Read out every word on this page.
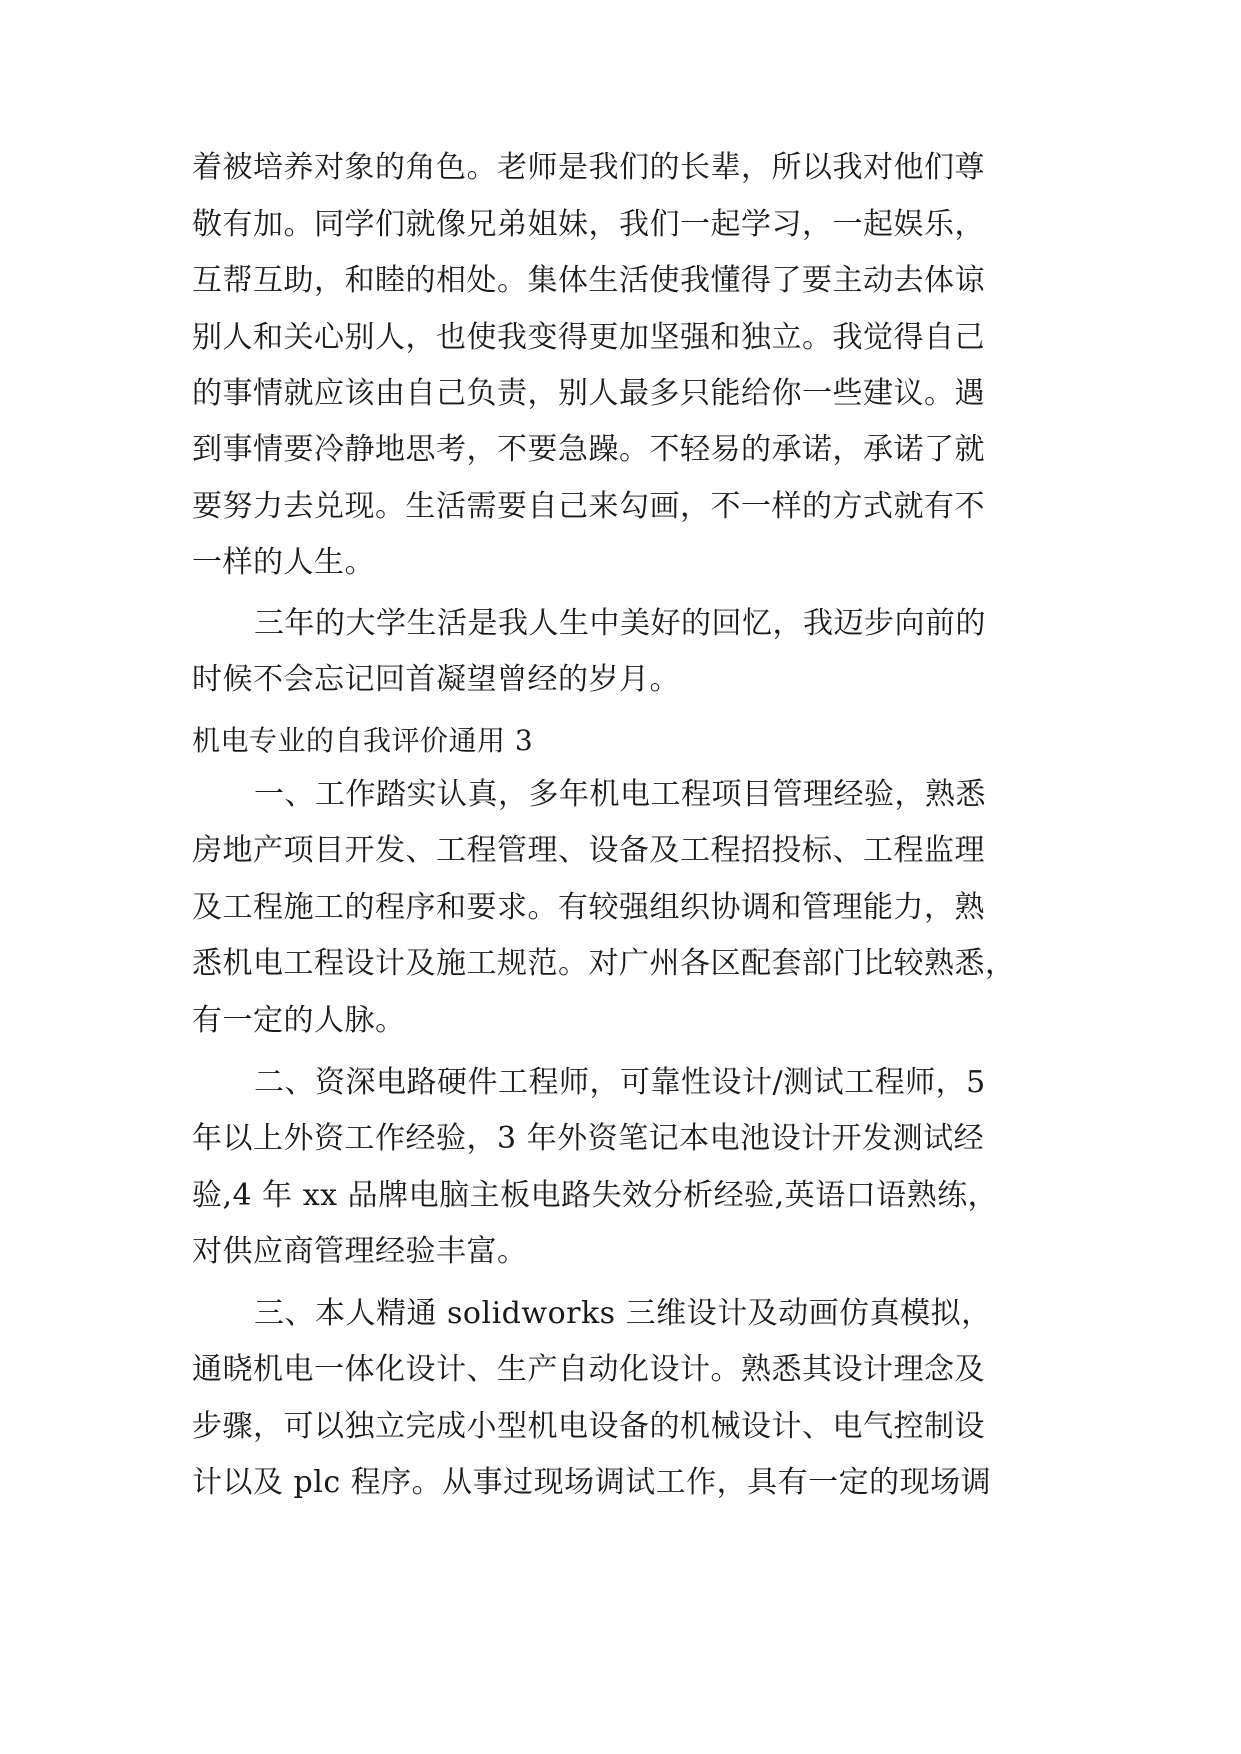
着被培养对象的角色。老师是我们的长辈，所以我对他们尊
敬有加。同学们就像兄弟姐妹，我们一起学习，一起娱乐，
互帮互助，和睦的相处。集体生活使我懂得了要主动去体谅
别人和关心别人，也使我变得更加坚强和独立。我觉得自己
的事情就应该由自己负责，别人最多只能给你一些建议。遇
到事情要冷静地思考，不要急躁。不轻易的承诺，承诺了就
要努力去兑现。生活需要自己来勾画，不一样的方式就有不
一样的人生。
三年的大学生活是我人生中美好的回忆，我迈步向前的
时候不会忘记回首凝望曾经的岁月。
机电专业的自我评价通用 3
一、工作踏实认真，多年机电工程项目管理经验，熟悉
房地产项目开发、工程管理、设备及工程招投标、工程监理
及工程施工的程序和要求。有较强组织协调和管理能力，熟
悉机电工程设计及施工规范。对广州各区配套部门比较熟悉，
有一定的人脉。
二、资深电路硬件工程师，可靠性设计/测试工程师，5
年以上外资工作经验，3 年外资笔记本电池设计开发测试经
验,4 年 xx 品牌电脑主板电路失效分析经验,英语口语熟练，
对供应商管理经验丰富。
三、本人精通 solidworks 三维设计及动画仿真模拟，
通晓机电一体化设计、生产自动化设计。熟悉其设计理念及
步骤，可以独立完成小型机电设备的机械设计、电气控制设
计以及 plc 程序。从事过现场调试工作，具有一定的现场调
